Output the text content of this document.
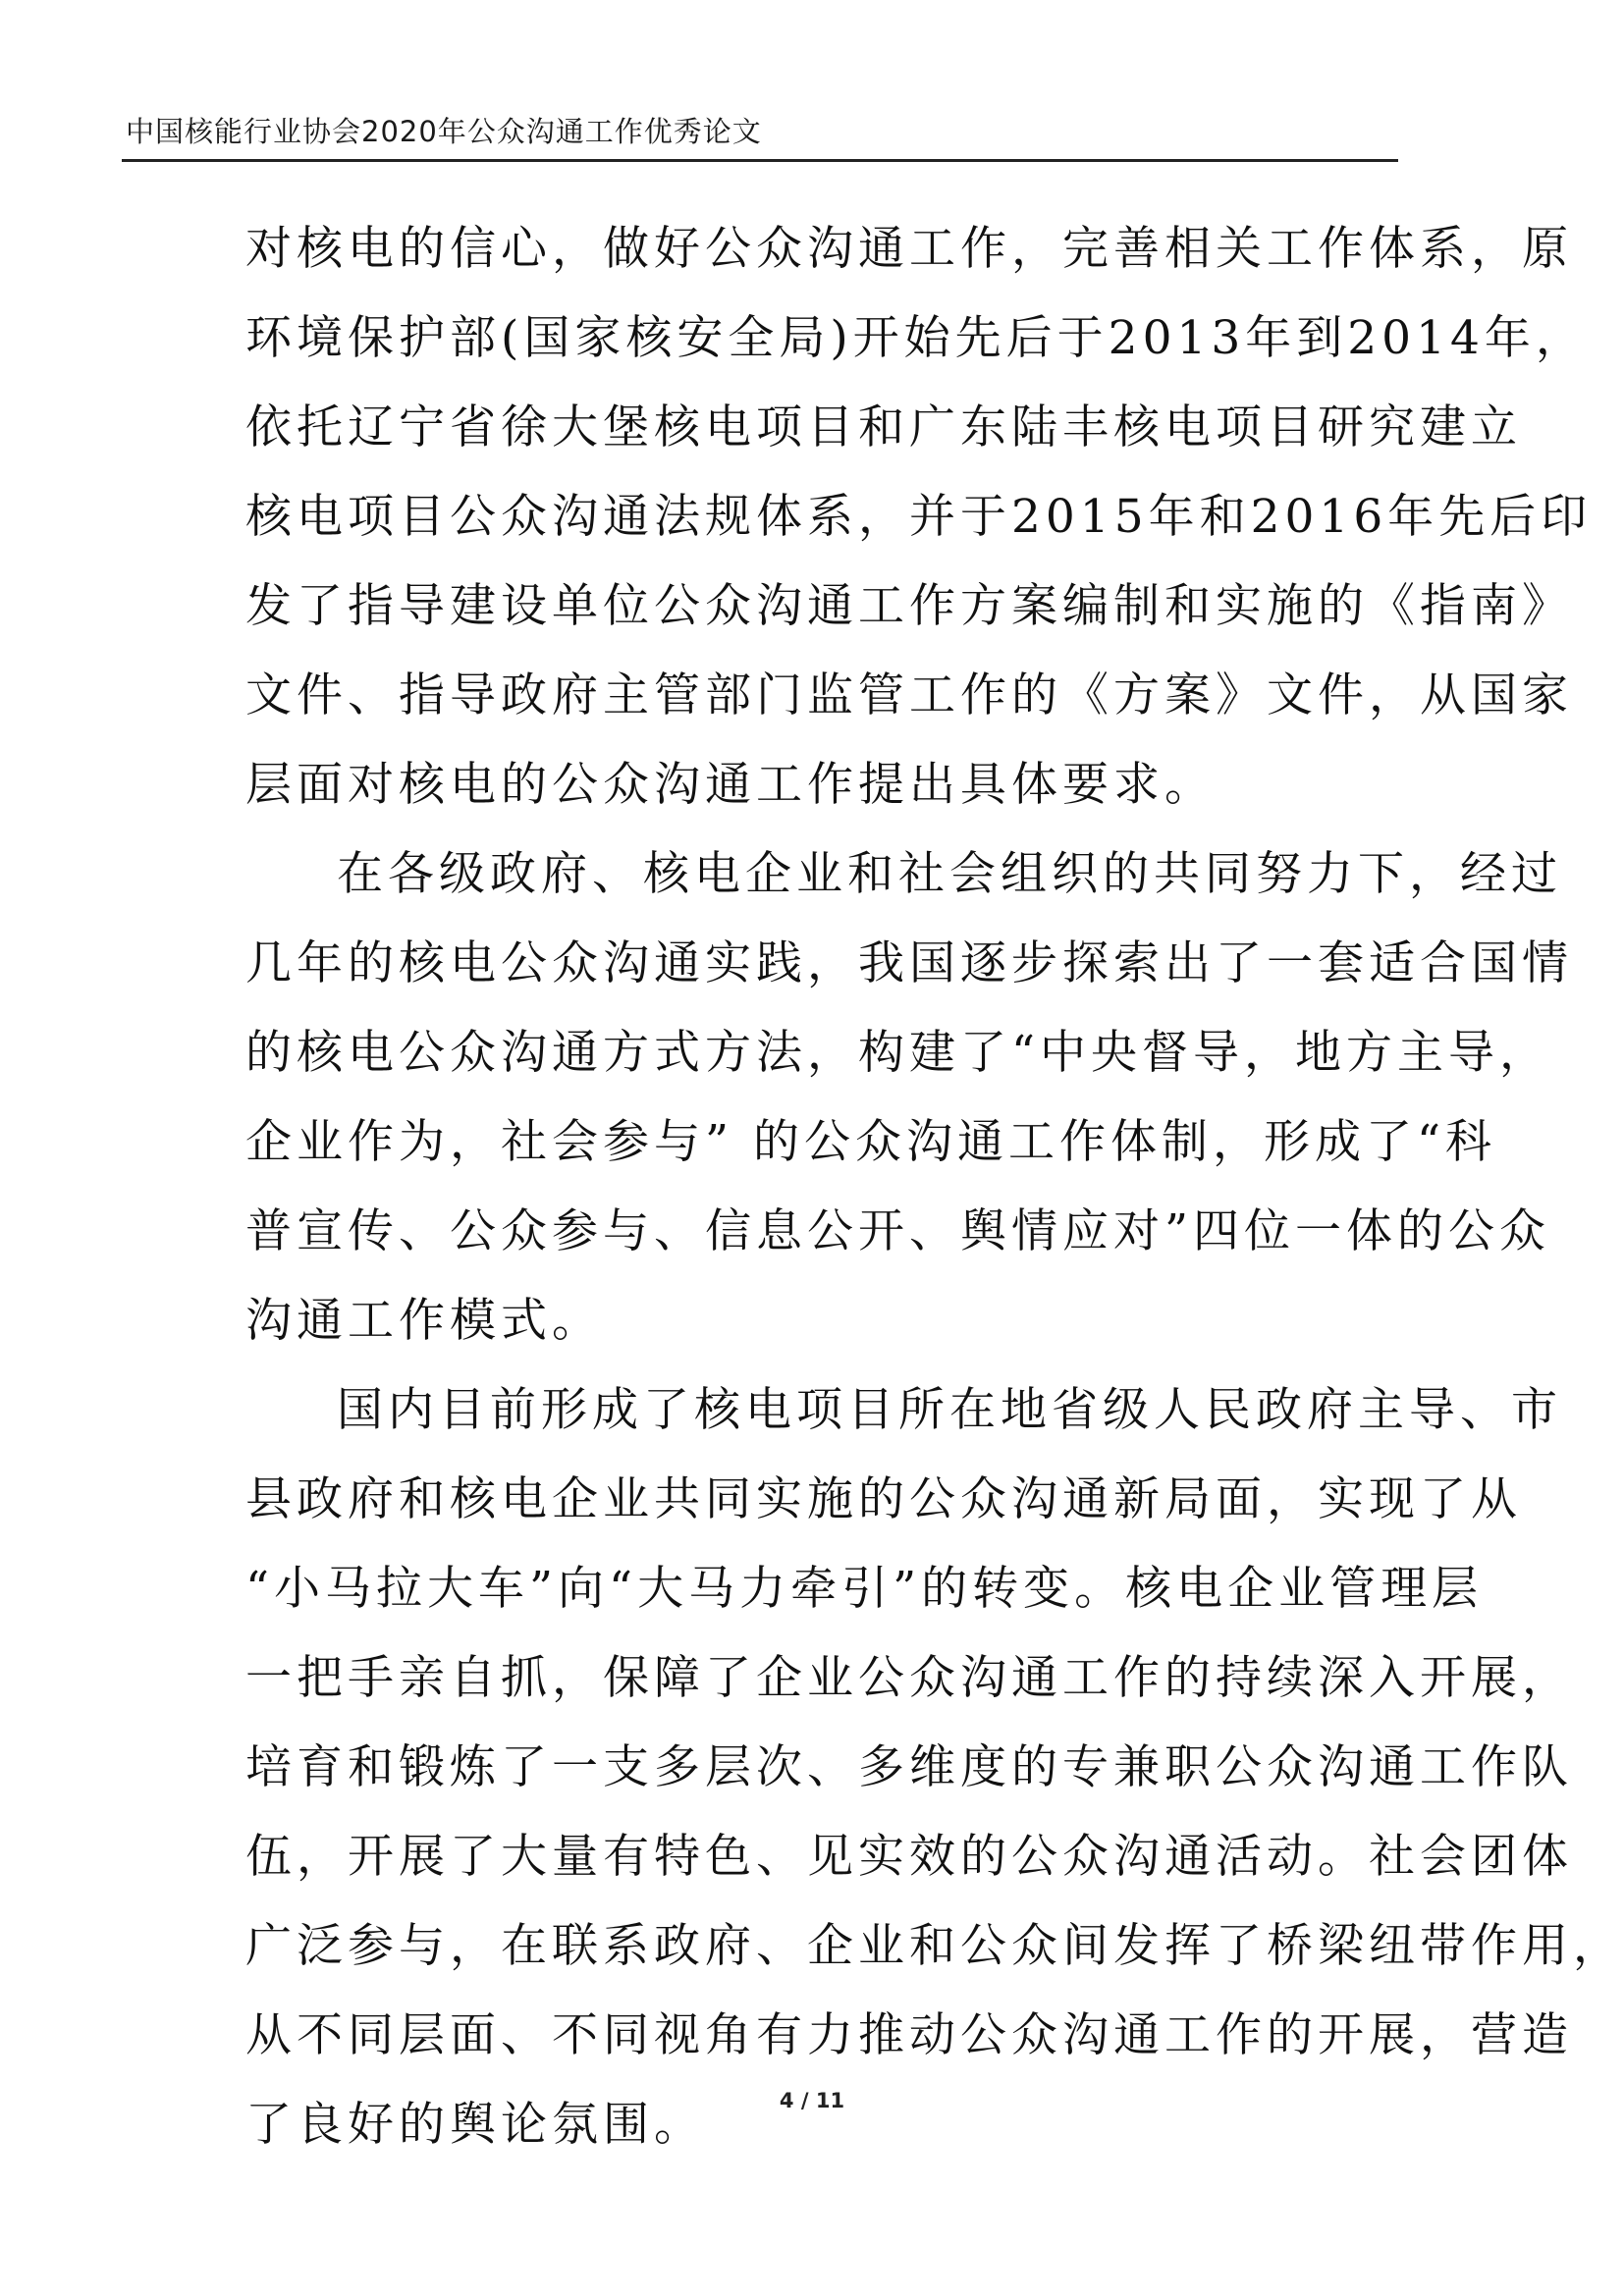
中国核能行业协会2020年公众沟通工作优秀论文
对核电的信心，做好公众沟通工作，完善相关工作体系，原
环境保护部(国家核安全局)开始先后于2013年到2014年，
依托辽宁省徐大堡核电项目和广东陆丰核电项目研究建立
核电项目公众沟通法规体系，并于2015年和2016年先后印
发了指导建设单位公众沟通工作方案编制和实施的《指南》
文件、指导政府主管部门监管工作的《方案》文件，从国家
层面对核电的公众沟通工作提出具体要求。
在各级政府、核电企业和社会组织的共同努力下，经过
几年的核电公众沟通实践，我国逐步探索出了一套适合国情
的核电公众沟通方式方法，构建了“中央督导，地方主导，
企业作为，社会参与” 的公众沟通工作体制，形成了“科
普宣传、公众参与、信息公开、舆情应对”四位一体的公众
沟通工作模式。
国内目前形成了核电项目所在地省级人民政府主导、市
县政府和核电企业共同实施的公众沟通新局面，实现了从
“小马拉大车”向“大马力牵引”的转变。核电企业管理层
一把手亲自抓，保障了企业公众沟通工作的持续深入开展，
培育和锻炼了一支多层次、多维度的专兼职公众沟通工作队
伍，开展了大量有特色、见实效的公众沟通活动。社会团体
广泛参与，在联系政府、企业和公众间发挥了桥梁纽带作用，
从不同层面、不同视角有力推动公众沟通工作的开展，营造
了良好的舆论氛围。	4 / 11
